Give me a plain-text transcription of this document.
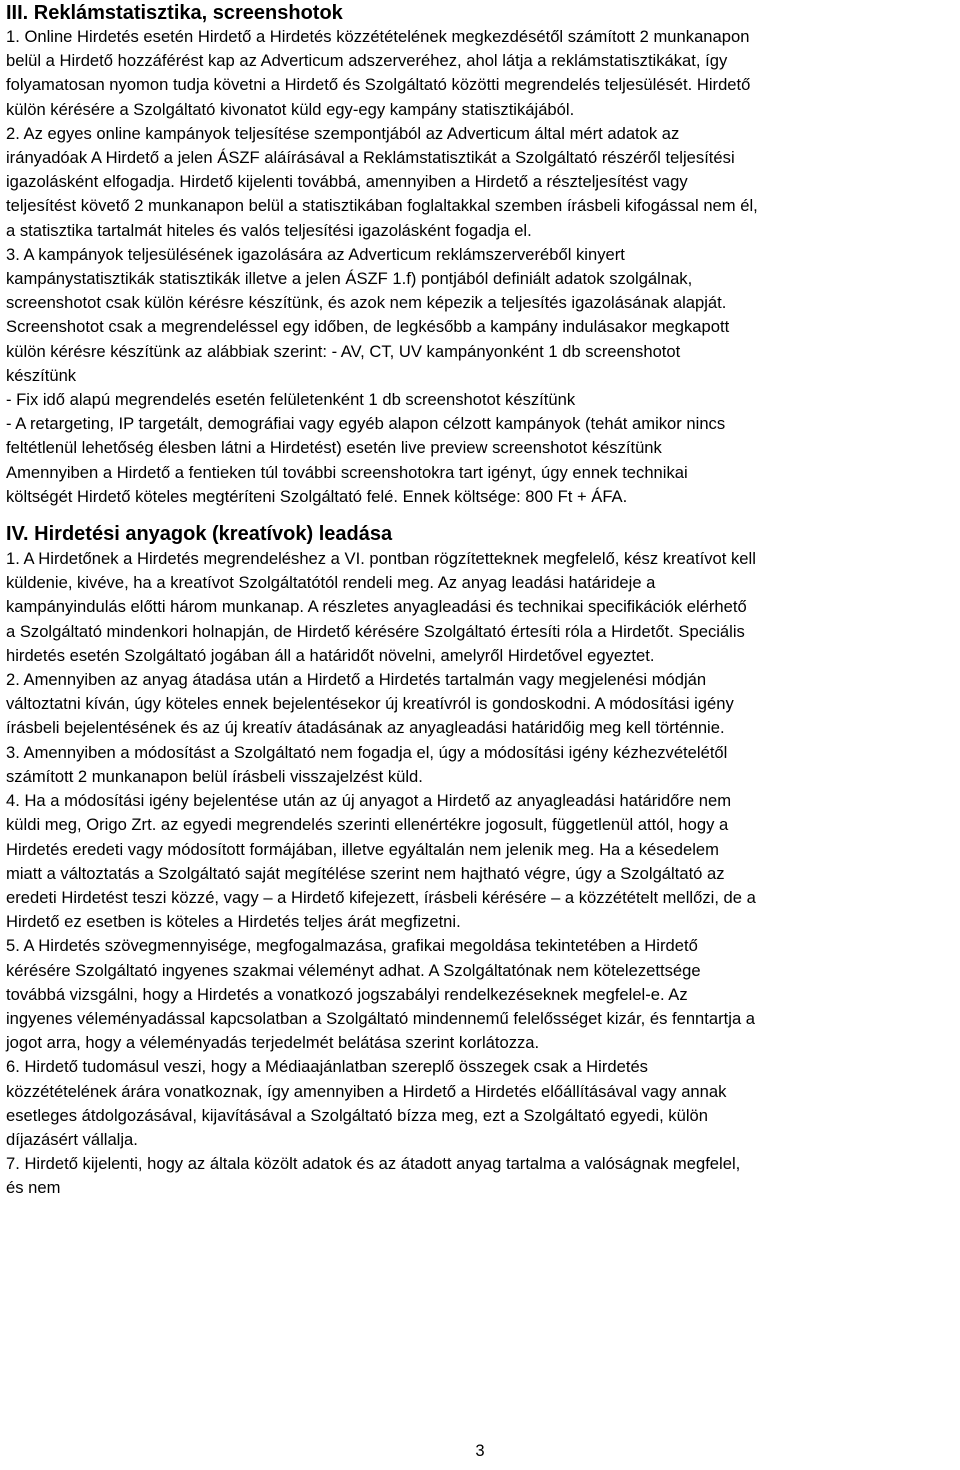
III. Reklámstatisztika, screenshotok
1. Online Hirdetés esetén Hirdető a Hirdetés közzétételének megkezdésétől számított 2 munkanapon
belül a Hirdető hozzáférést kap az Adverticum adszerveréhez, ahol látja a reklámstatisztikákat, így
folyamatosan nyomon tudja követni a Hirdető és Szolgáltató közötti megrendelés teljesülését. Hirdető
külön kérésére a Szolgáltató kivonatot küld egy-egy kampány statisztikájából.
2. Az egyes online kampányok teljesítése szempontjából az Adverticum által mért adatok az
irányadóak A Hirdető a jelen ÁSZF aláírásával a Reklámstatisztikát a Szolgáltató részéről teljesítési
igazolásként elfogadja. Hirdető kijelenti továbbá, amennyiben a Hirdető a részteljesítést vagy
teljesítést követő 2 munkanapon belül a statisztikában foglaltakkal szemben írásbeli kifogással nem él,
a statisztika tartalmát hiteles és valós teljesítési igazolásként fogadja el.
3. A kampányok teljesülésének igazolására az Adverticum reklámszerveréből kinyert
kampánystatisztikák statisztikák illetve a jelen ÁSZF 1.f) pontjából definiált adatok szolgálnak,
screenshotot csak külön kérésre készítünk, és azok nem képezik a teljesítés igazolásának alapját.
Screenshotot csak a megrendeléssel egy időben, de legkésőbb a kampány indulásakor megkapott
külön kérésre készítünk az alábbiak szerint: - AV, CT, UV kampányonként 1 db screenshotot
készítünk
- Fix idő alapú megrendelés esetén felületenként 1 db screenshotot készítünk
- A retargeting, IP targetált, demográfiai vagy egyéb alapon célzott kampányok (tehát amikor nincs
feltétlenül lehetőség élesben látni a Hirdetést) esetén live preview screenshotot készítünk
Amennyiben a Hirdető a fentieken túl további screenshotokra tart igényt, úgy ennek technikai
költségét Hirdető köteles megtéríteni Szolgáltató felé. Ennek költsége: 800 Ft + ÁFA.
IV. Hirdetési anyagok (kreatívok) leadása
1. A Hirdetőnek a Hirdetés megrendeléshez a VI. pontban rögzítetteknek megfelelő, kész kreatívot kell
küldenie, kivéve, ha a kreatívot Szolgáltatótól rendeli meg. Az anyag leadási határideje a
kampányindulás előtti három munkanap. A részletes anyagleadási és technikai specifikációk elérhető
a Szolgáltató mindenkori holnapján, de Hirdető kérésére Szolgáltató értesíti róla a Hirdetőt. Speciális
hirdetés esetén Szolgáltató jogában áll a határidőt növelni, amelyről Hirdetővel egyeztet.
2. Amennyiben az anyag átadása után a Hirdető a Hirdetés tartalmán vagy megjelenési módján
változtatni kíván, úgy köteles ennek bejelentésekor új kreatívról is gondoskodni. A módosítási igény
írásbeli bejelentésének és az új kreatív átadásának az anyagleadási határidőig meg kell történnie.
3. Amennyiben a módosítást a Szolgáltató nem fogadja el, úgy a módosítási igény kézhezvételétől
számított 2 munkanapon belül írásbeli visszajelzést küld.
4. Ha a módosítási igény bejelentése után az új anyagot a Hirdető az anyagleadási határidőre nem
küldi meg, Origo Zrt. az egyedi megrendelés szerinti ellenértékre jogosult, függetlenül attól, hogy a
Hirdetés eredeti vagy módosított formájában, illetve egyáltalán nem jelenik meg. Ha a késedelem
miatt a változtatás a Szolgáltató saját megítélése szerint nem hajtható végre, úgy a Szolgáltató az
eredeti Hirdetést teszi közzé, vagy – a Hirdető kifejezett, írásbeli kérésére – a közzétételt mellőzi, de a
Hirdető ez esetben is köteles a Hirdetés teljes árát megfizetni.
5. A Hirdetés szövegmennyisége, megfogalmazása, grafikai megoldása tekintetében a Hirdető
kérésére Szolgáltató ingyenes szakmai véleményt adhat. A Szolgáltatónak nem kötelezettsége
továbbá vizsgálni, hogy a Hirdetés a vonatkozó jogszabályi rendelkezéseknek megfelel-e. Az
ingyenes véleményadással kapcsolatban a Szolgáltató mindennemű felelősséget kizár, és fenntartja a
jogot arra, hogy a véleményadás terjedelmét belátása szerint korlátozza.
6. Hirdető tudomásul veszi, hogy a Médiaajánlatban szereplő összegek csak a Hirdetés
közzétételének árára vonatkoznak, így amennyiben a Hirdető a Hirdetés előállításával vagy annak
esetleges átdolgozásával, kijavításával a Szolgáltató bízza meg, ezt a Szolgáltató egyedi, külön
díjazásért vállalja.
7. Hirdető kijelenti, hogy az általa közölt adatok és az átadott anyag tartalma a valóságnak megfelel,
és nem
3
